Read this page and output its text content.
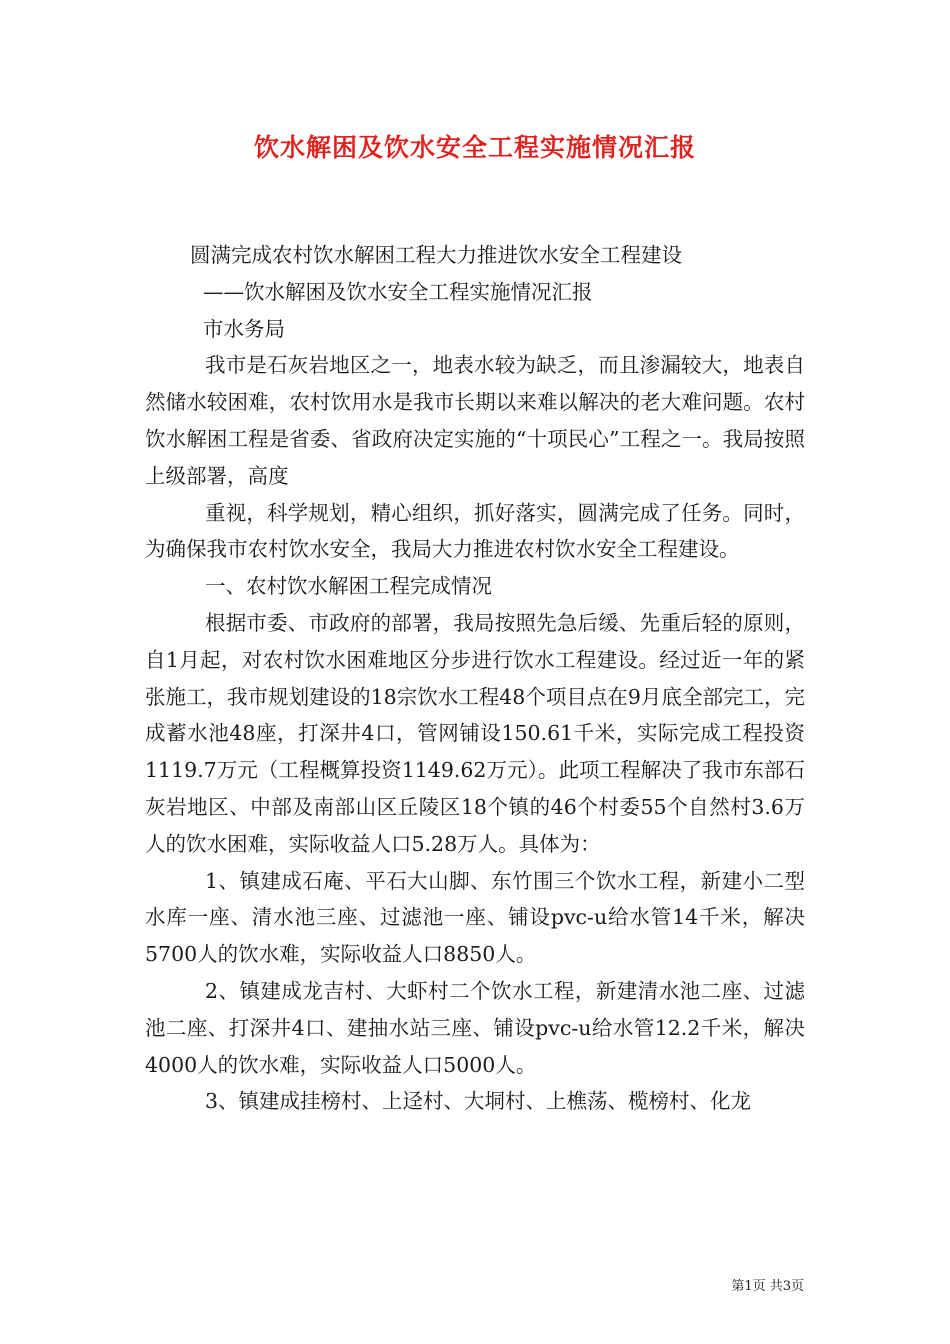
饮水解困及饮水安全工程实施情况汇报

圆满完成农村饮水解困工程大力推进饮水安全工程建设

——饮水解困及饮水安全工程实施情况汇报

市水务局

我市是石灰岩地区之一，地表水较为缺乏，而且渗漏较大，地表自然储水较困难，农村饮用水是我市长期以来难以解决的老大难问题。农村饮水解困工程是省委、省政府决定实施的“十项民心”工程之一。我局按照上级部署，高度

重视，科学规划，精心组织，抓好落实，圆满完成了任务。同时，为确保我市农村饮水安全，我局大力推进农村饮水安全工程建设。

一、农村饮水解困工程完成情况

根据市委、市政府的部署，我局按照先急后缓、先重后轻的原则，自1月起，对农村饮水困难地区分步进行饮水工程建设。经过近一年的紧张施工，我市规划建设的18宗饮水工程48个项目点在9月底全部完工，完成蓄水池48座，打深井4口，管网铺设150.61千米，实际完成工程投资1119.7万元（工程概算投资1149.62万元）。此项工程解决了我市东部石灰岩地区、中部及南部山区丘陵区18个镇的46个村委55个自然村3.6万人的饮水困难，实际收益人口5.28万人。具体为：

1、镇建成石庵、平石大山脚、东竹围三个饮水工程，新建小二型水库一座、清水池三座、过滤池一座、铺设pvc-u给水管14千米，解决5700人的饮水难，实际收益人口8850人。

2、镇建成龙吉村、大虾村二个饮水工程，新建清水池二座、过滤池二座、打深井4口、建抽水站三座、铺设pvc-u给水管12.2千米，解决4000人的饮水难，实际收益人口5000人。

3、镇建成挂榜村、上迳村、大垌村、上樵荡、榄榜村、化龙

第1页 共3页
